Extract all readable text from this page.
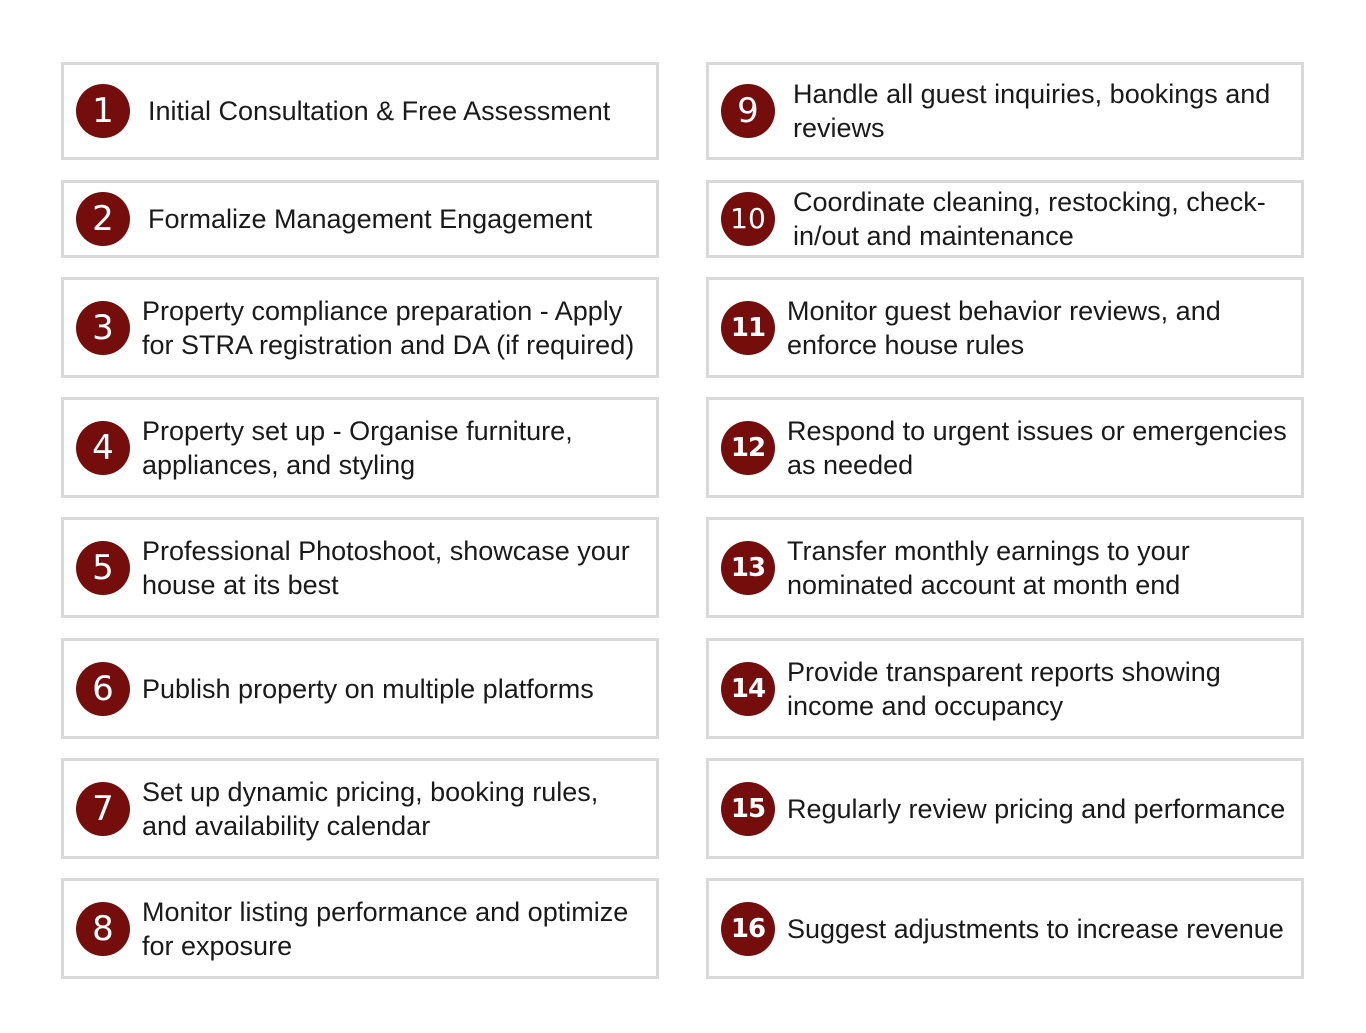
1	Initial Consultation & Free Assessment
2	Formalize Management Engagement
3	Property compliance preparation - Apply for STRA registration and DA (if required)
4	Property set up - Organise furniture, appliances, and styling
5	Professional Photoshoot, showcase your house at its best
6	Publish property on multiple platforms
7	Set up dynamic pricing, booking rules, and availability calendar
8	Monitor listing performance and optimize for exposure
9	Handle all guest inquiries, bookings and reviews
10	Coordinate cleaning, restocking, check-in/out and maintenance
11
Monitor guest behavior reviews, and enforce house rules
12
Respond to urgent issues or emergencies as needed
13
Transfer monthly earnings to your nominated account at month end
14
Provide transparent reports showing income and occupancy
15 Regularly review pricing and performance
16 Suggest adjustments to increase revenue
